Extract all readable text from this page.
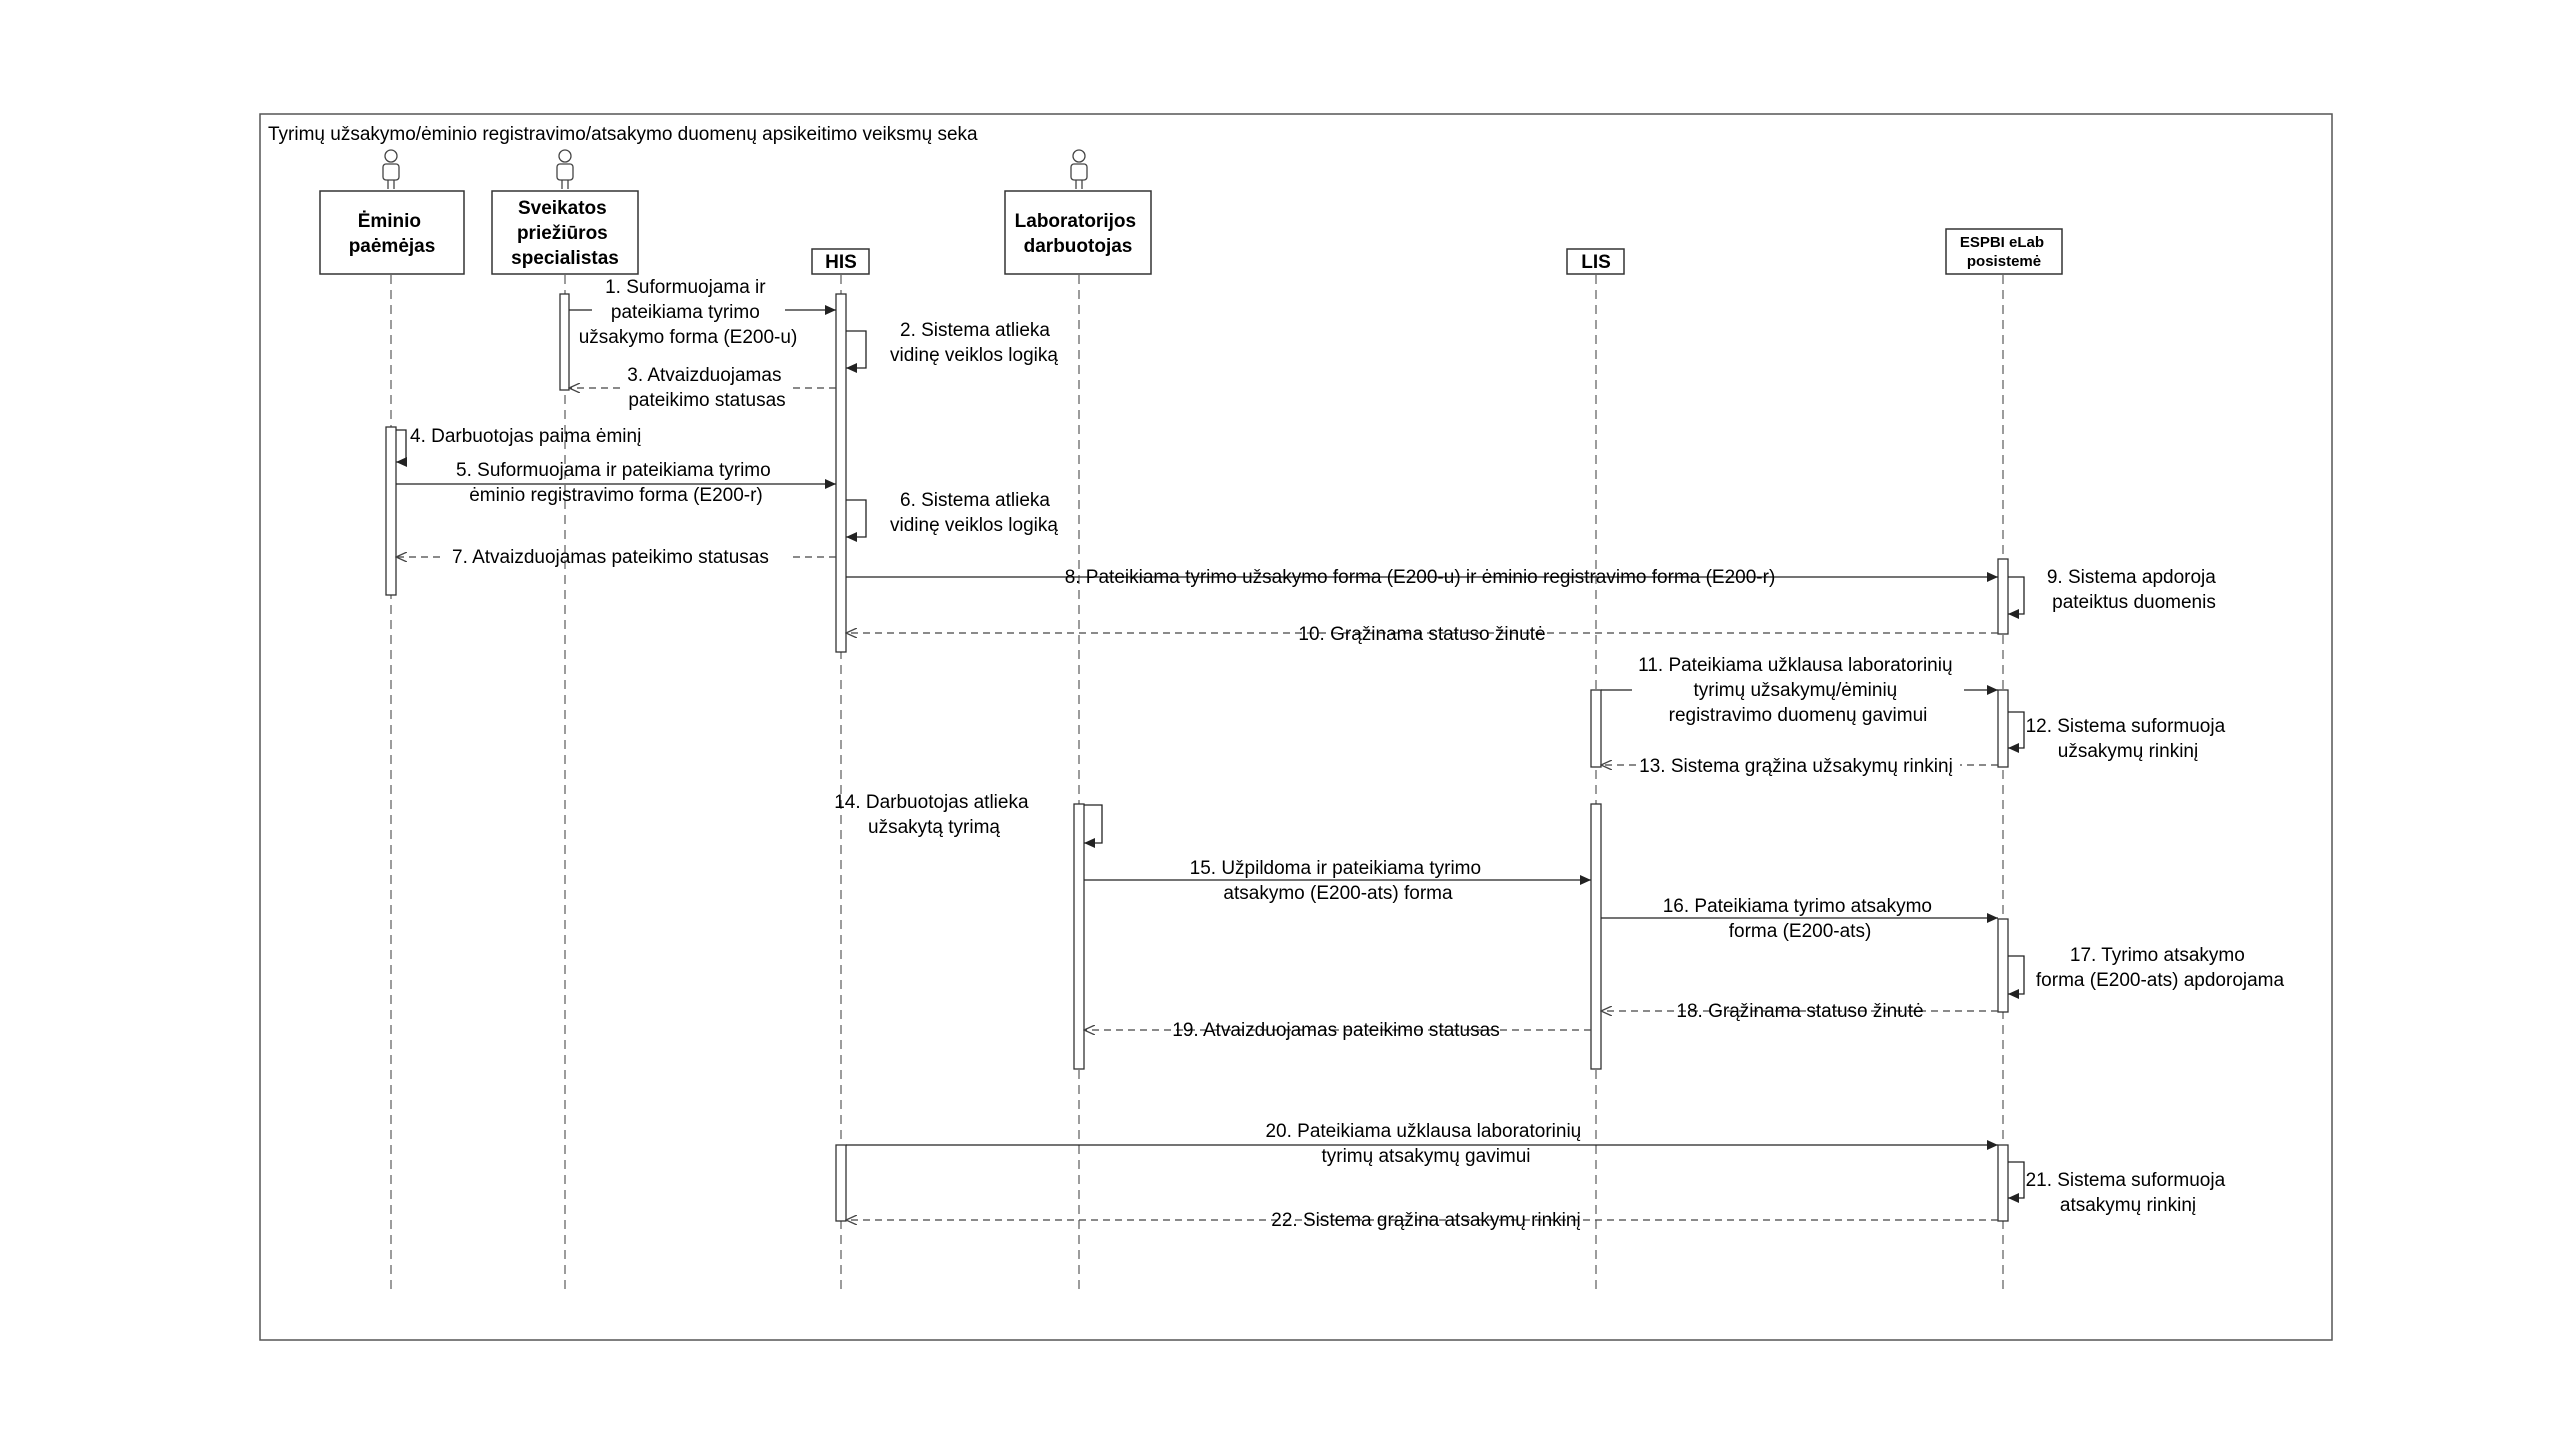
Tyrimų užsakymo/ėminio registravimo/atsakymo duomenų apsikeitimo veiksmų seka
Ėminio paėmėjas
Sveikatos priežiūros specialistas	HIS
Laboratorijos darbuotojas
LIS
ESPBI eLab posistemė
1. Suformuojama ir pateikiama tyrimo užsakymo forma (E200-u)	2. Sistema atlieka vidinę veiklos logiką
3. Atvaizduojamas pateikimo statusas
4. Darbuotojas paima ėminį
5. Suformuojama ir pateikiama tyrimo ėminio registravimo forma (E200-r)	6. Sistema atlieka vidinę veiklos logiką
7. Atvaizduojamas pateikimo statusas
8. Pateikiama tyrimo užsakymo forma (E200-u) ir ėminio registravimo forma (E200-r)	9. Sistema apdoroja pateiktus duomenis
10. Grąžinama statuso žinutė
11. Pateikiama užklausa laboratorinių tyrimų užsakymų/ėminių registravimo duomenų gavimui
12. Sistema suformuoja užsakymų rinkinį
13. Sistema grąžina užsakymų rinkinį
14. Darbuotojas atlieka užsakytą tyrimą
15. Užpildoma ir pateikiama tyrimo atsakymo (E200-ats) forma
16. Pateikiama tyrimo atsakymo forma (E200-ats)
17. Tyrimo atsakymo forma (E200-ats) apdorojama
18. Grąžinama statuso žinutė
19. Atvaizduojamas pateikimo statusas
20. Pateikiama užklausa laboratorinių tyrimų atsakymų gavimui
21. Sistema suformuoja atsakymų rinkinį
22. Sistema grąžina atsakymų rinkinį
